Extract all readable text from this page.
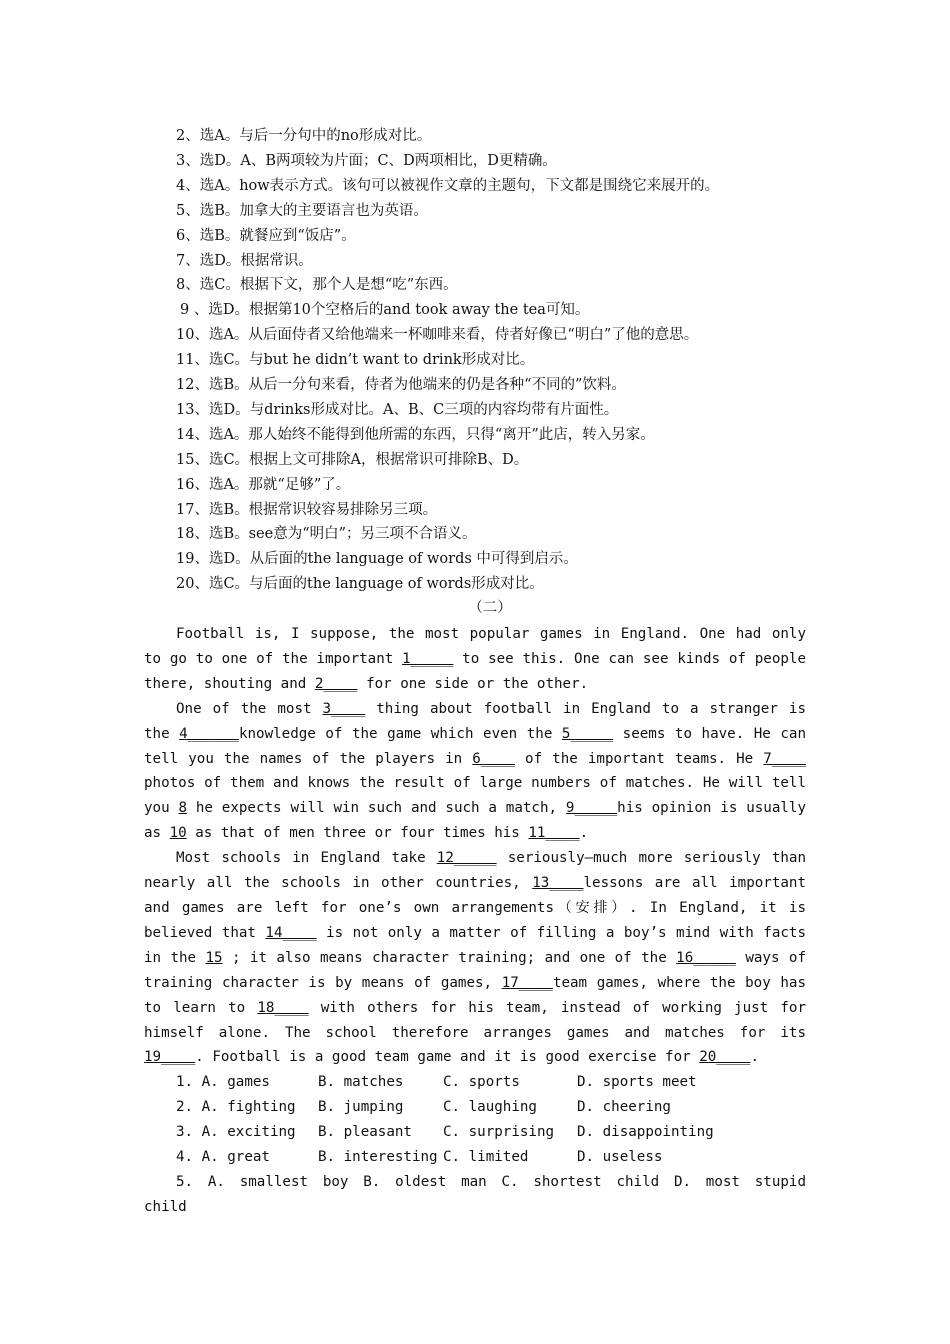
2、选A。与后一分句中的no形成对比。
3、选D。A、B两项较为片面；C、D两项相比，D更精确。
4、选A。how表示方式。该句可以被视作文章的主题句，下文都是围绕它来展开的。
5、选B。加拿大的主要语言也为英语。
6、选B。就餐应到“饭店”。
7、选D。根据常识。
8、选C。根据下文，那个人是想“吃”东西。
9 、选D。根据第10个空格后的and took away the tea可知。
10、选A。从后面侍者又给他端来一杯咖啡来看，侍者好像已“明白”了他的意思。
11、选C。与but he didn’t want to drink形成对比。
12、选B。从后一分句来看，侍者为他端来的仍是各种“不同的”饮料。
13、选D。与drinks形成对比。A、B、C三项的内容均带有片面性。
14、选A。那人始终不能得到他所需的东西，只得“离开”此店，转入另家。
15、选C。根据上文可排除A，根据常识可排除B、D。
16、选A。那就“足够”了。
17、选B。根据常识较容易排除另三项。
18、选B。see意为“明白”；另三项不合语义。
19、选D。从后面的the language of words 中可得到启示。
20、选C。与后面的the language of words形成对比。
（二）

Football is, I suppose, the most popular games in England. One had only to go to one of the important 1_____ to see this. One can see kinds of people there, shouting and 2____ for one side or the other.

One of the most 3____ thing about football in England to a stranger is the 4______knowledge of the game which even the 5_____ seems to have. He can tell you the names of the players in 6____ of the important teams. He 7____ photos of them and knows the result of large numbers of matches. He will tell you 8 he expects will win such and such a match, 9_____his opinion is usually as 10 as that of men three or four times his 11____.

Most schools in England take 12_____ seriously—much more seriously than nearly all the schools in other countries, 13____lessons are all important and games are left for one’s own arrangements（安排）. In England, it is believed that 14____ is not only a matter of filling a boy’s mind with facts in the 15 ; it also means character training; and one of the 16_____ ways of training character is by means of games, 17____team games, where the boy has to learn to 18____ with others for his team, instead of working just for himself alone. The school therefore arranges games and matches for its 19____. Football is a good team game and it is good exercise for 20____.

1. A. games	B. matches	C. sports	D. sports meet
2. A. fighting B. jumping	C. laughing	D. cheering
3. A. exciting B. pleasant C. surprising D. disappointing
4. A. great	B. interesting C. limited	D. useless
5. A. smallest boy B. oldest man C. shortest child D. most stupid
child
